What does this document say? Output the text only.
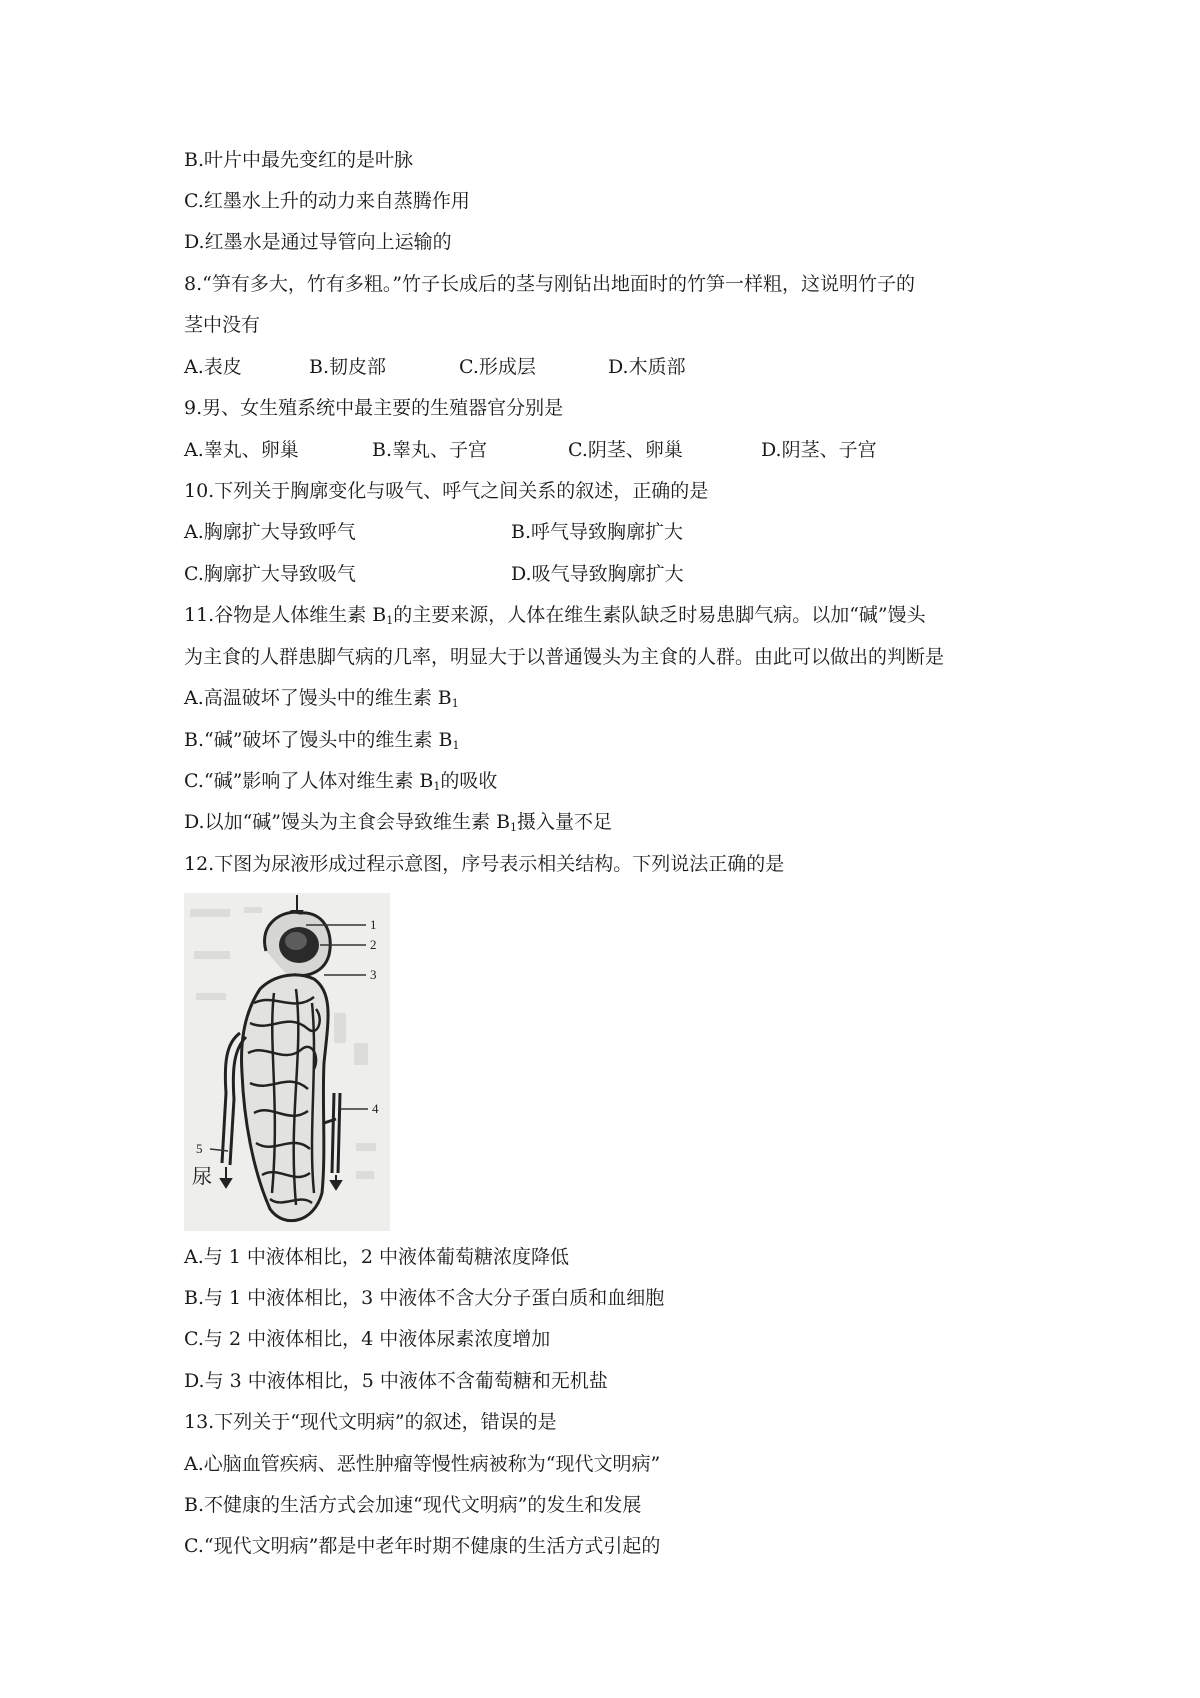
B.叶片中最先变红的是叶脉
C.红墨水上升的动力来自蒸腾作用
D.红墨水是通过导管向上运输的
8.“笋有多大，竹有多粗。”竹子长成后的茎与刚钻出地面时的竹笋一样粗，这说明竹子的
茎中没有
A.表皮	B.韧皮部	C.形成层	D.木质部
9.男、女生殖系统中最主要的生殖器官分别是
A.睾丸、卵巢	B.睾丸、子宫	C.阴茎、卵巢	D.阴茎、子宫
10.下列关于胸廓变化与吸气、呼气之间关系的叙述，正确的是
A.胸廓扩大导致呼气	B.呼气导致胸廓扩大
C.胸廓扩大导致吸气	D.吸气导致胸廓扩大
11.谷物是人体维生素 $B_1$的主要来源，人体在维生素队缺乏时易患脚气病。以加“碱”馒头
为主食的人群患脚气病的几率，明显大于以普通馒头为主食的人群。由此可以做出的判断是
A.高温破坏了馒头中的维生素 $B_1$
B.“碱”破坏了馒头中的维生素 $B_1$
C.“碱”影响了人体对维生素 $B_1$的吸收
D.以加“碱”馒头为主食会导致维生素 $B_1$摄入量不足
12.下图为尿液形成过程示意图，序号表示相关结构。下列说法正确的是
1
2
3
4
5
尿
A.与 1 中液体相比，2 中液体葡萄糖浓度降低
B.与 1 中液体相比，3 中液体不含大分子蛋白质和血细胞
C.与 2 中液体相比，4 中液体尿素浓度增加
D.与 3 中液体相比，5 中液体不含葡萄糖和无机盐
13.下列关于“现代文明病”的叙述，错误的是
A.心脑血管疾病、恶性肿瘤等慢性病被称为“现代文明病”
B.不健康的生活方式会加速“现代文明病”的发生和发展
C.“现代文明病”都是中老年时期不健康的生活方式引起的
